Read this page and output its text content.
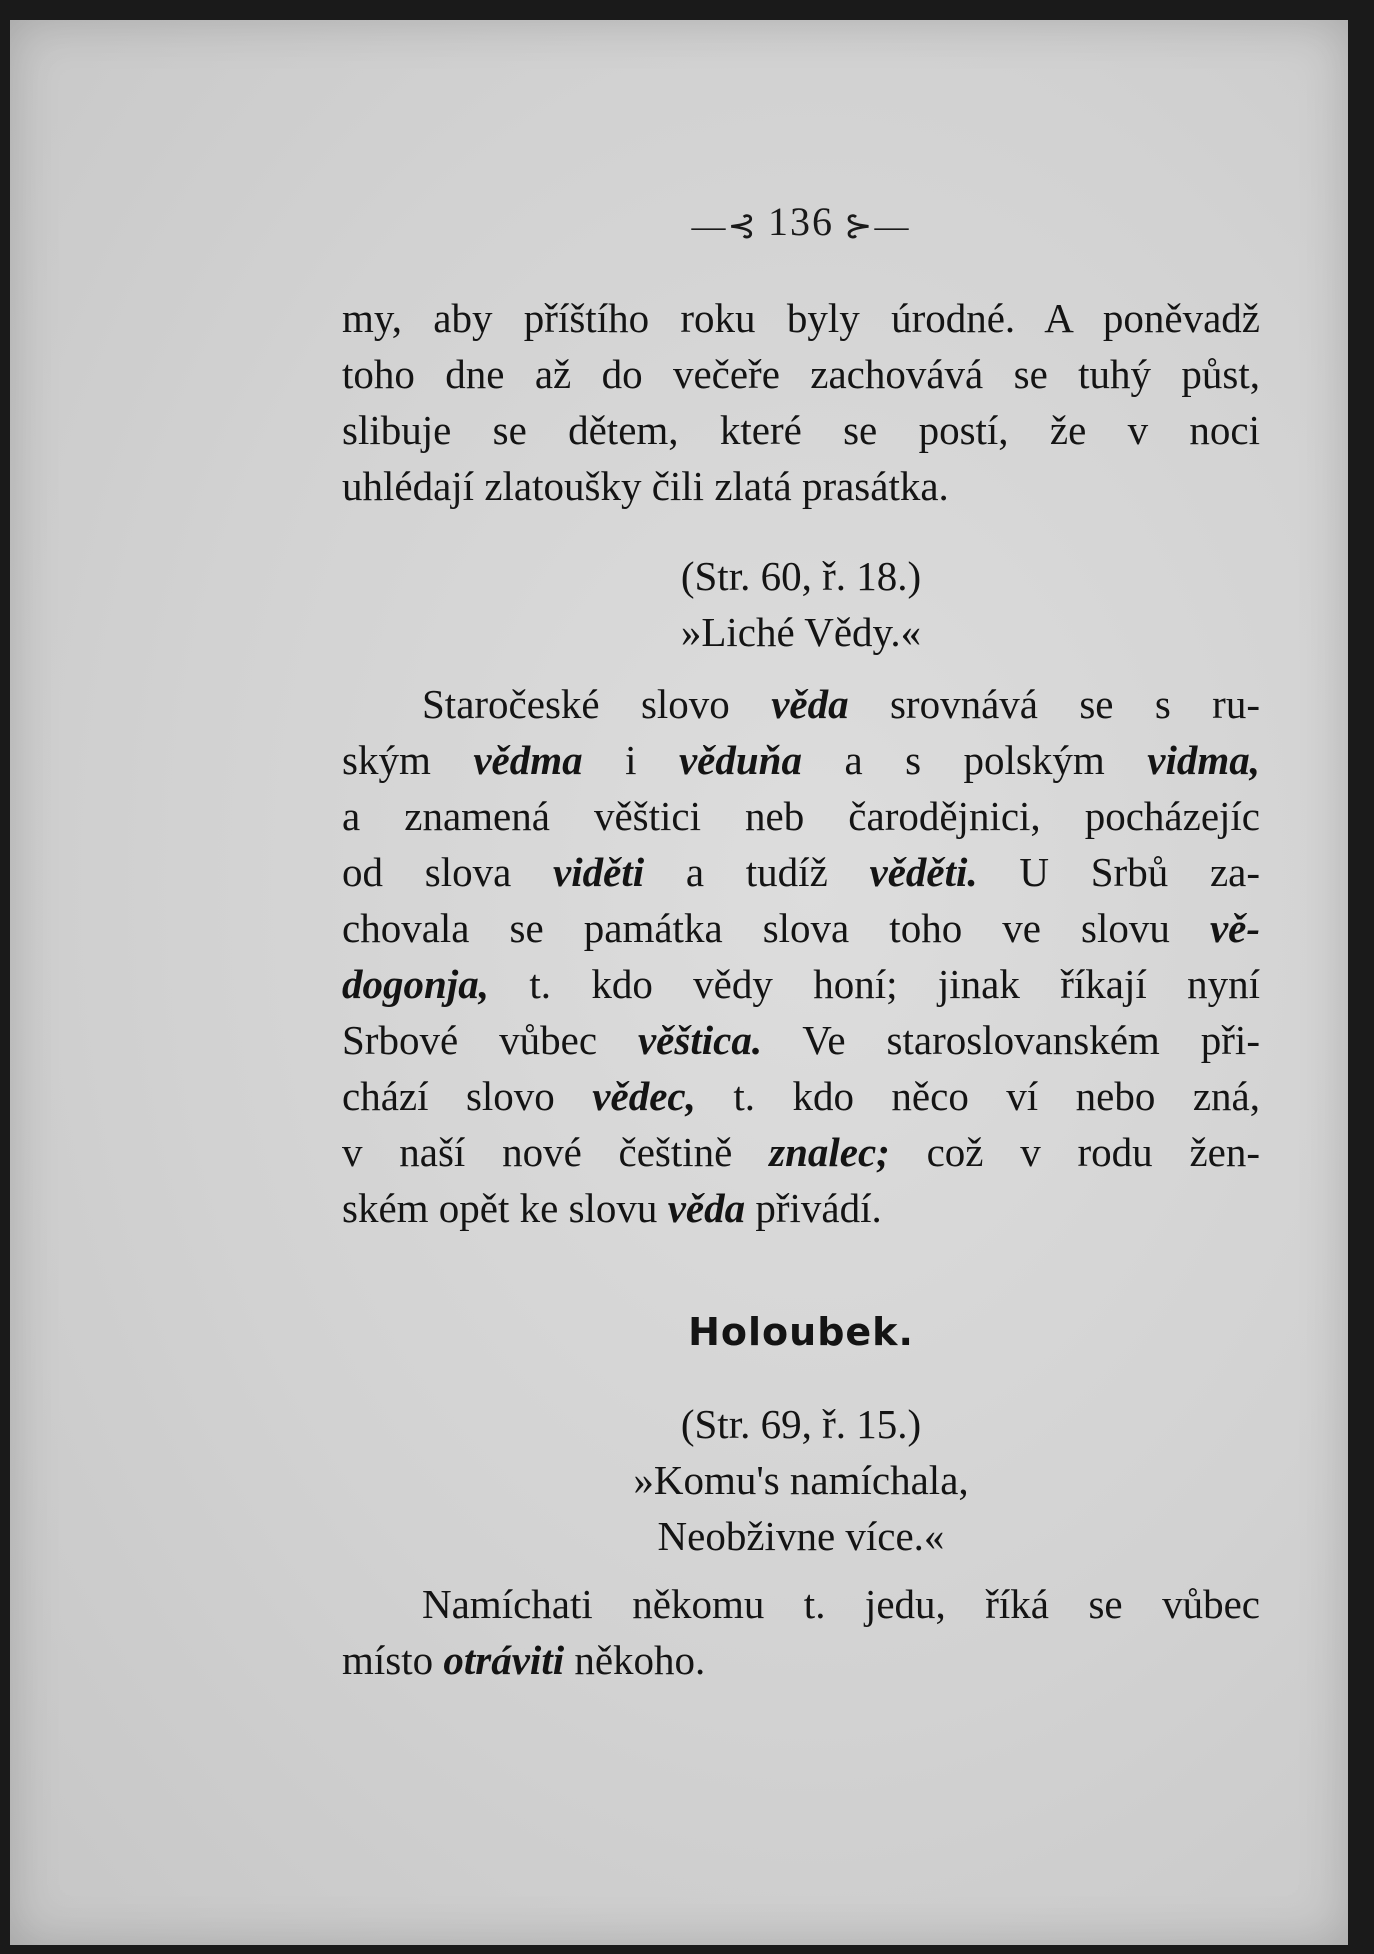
—⊰ 136 ⊱—
my, aby příštího roku byly úrodné. A poněvadž
toho dne až do večeře zachovává se tuhý půst,
slibuje se dětem, které se postí, že v noci
uhlédají zlatoušky čili zlatá prasátka.
(Str. 60, ř. 18.)
»Liché Vědy.«
Staročeské slovo věda srovnává se s ru-
ským vědma i věduňa a s polským vidma,
a znamená věštici neb čarodějnici, pocházejíc
od slova viděti a tudíž věděti. U Srbů za-
chovala se památka slova toho ve slovu vě-
dogonja, t. kdo vědy honí; jinak říkají nyní
Srbové vůbec věštica. Ve staroslovanském při-
chází slovo vědec, t. kdo něco ví nebo zná,
v naší nové češtině znalec; což v rodu žen-
ském opět ke slovu věda přivádí.
Holoubek.
(Str. 69, ř. 15.)
»Komu's namíchala,
Neobživne více.«
Namíchati někomu t. jedu, říká se vůbec
místo otráviti někoho.
